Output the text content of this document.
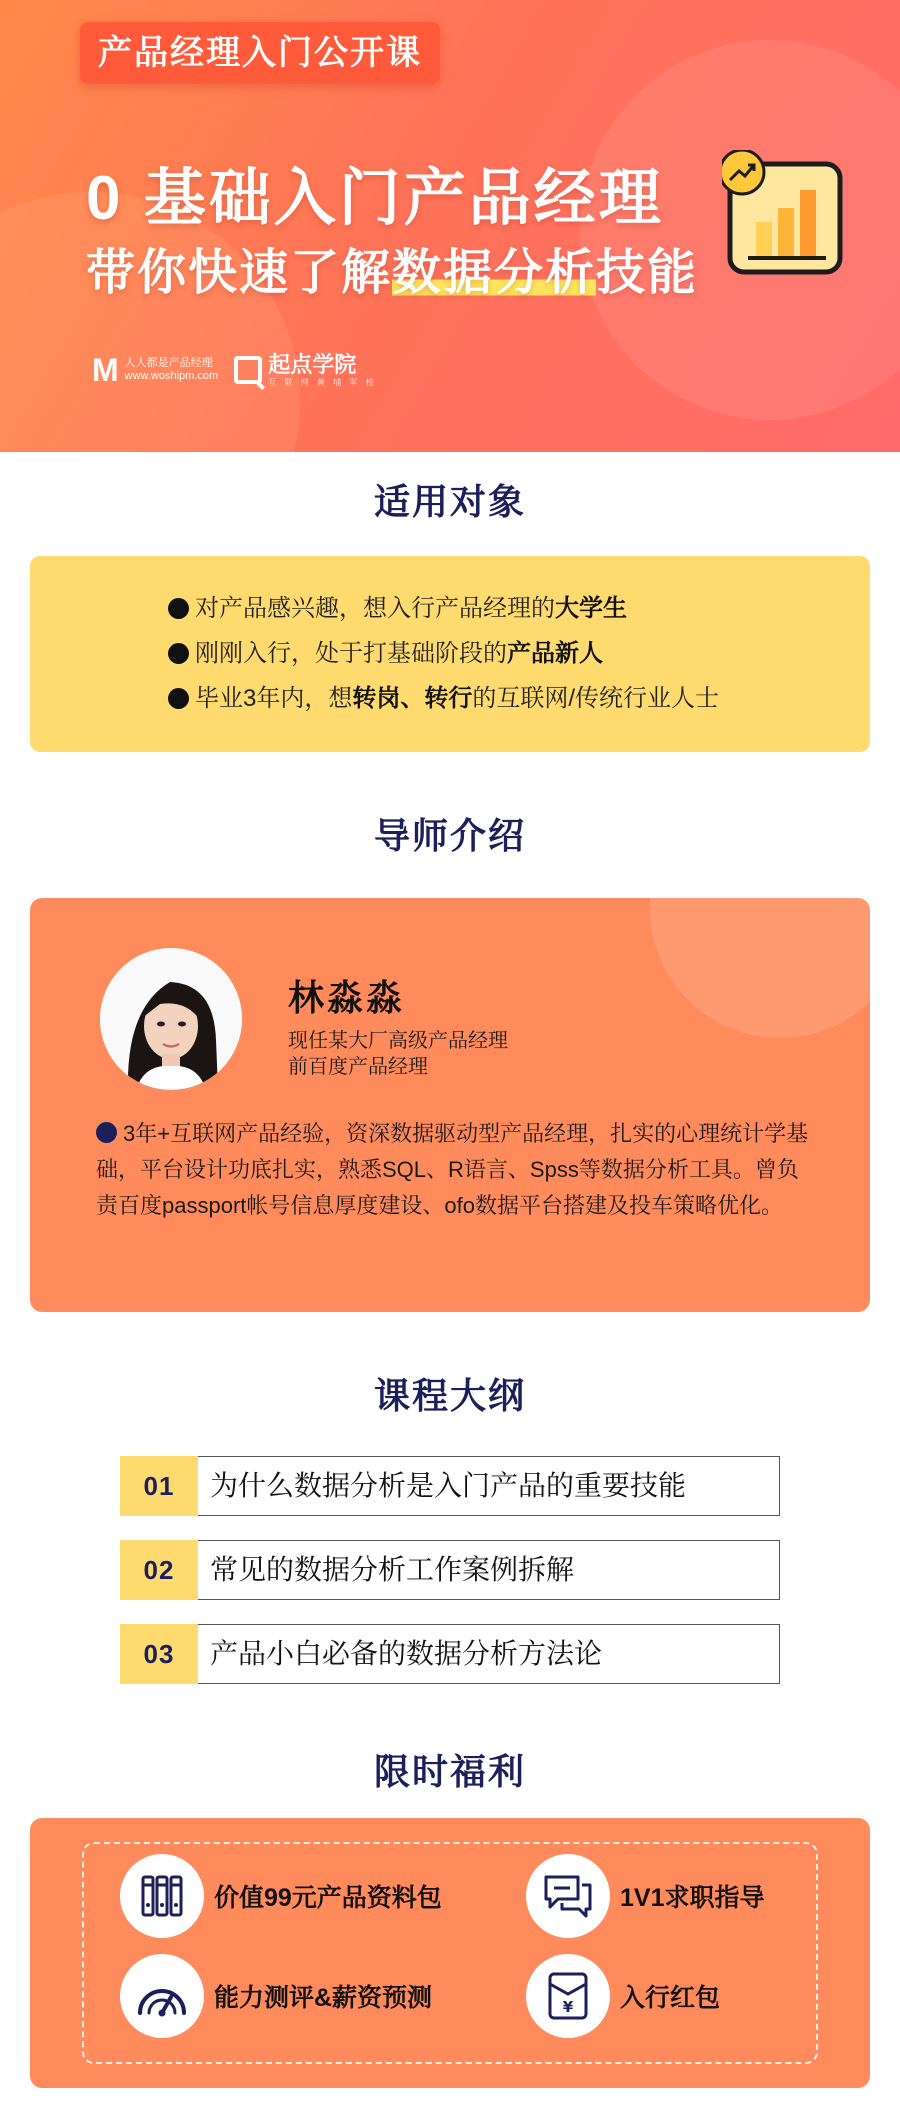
产品经理入门公开课
0 基础入门产品经理
带你快速了解数据分析技能
M 人人都是产品经理
www.woshipm.com 起点学院
互 联 网 黄 埔 军 校
适用对象
对产品感兴趣，想入行产品经理的大学生
刚刚入行，处于打基础阶段的产品新人
毕业3年内，想转岗、转行的互联网/传统行业人士
导师介绍
林淼淼
现任某大厂高级产品经理
前百度产品经理
3年+互联网产品经验，资深数据驱动型产品经理，扎实的心理统计学基础，平台设计功底扎实，熟悉SQL、R语言、Spss等数据分析工具。曾负责百度passport帐号信息厚度建设、ofo数据平台搭建及投车策略优化。
课程大纲
01	为什么数据分析是入门产品的重要技能
02	常见的数据分析工作案例拆解
03	产品小白必备的数据分析方法论
限时福利
价值99元产品资料包	1V1求职指导
能力测评&薪资预测	¥ 入行红包
